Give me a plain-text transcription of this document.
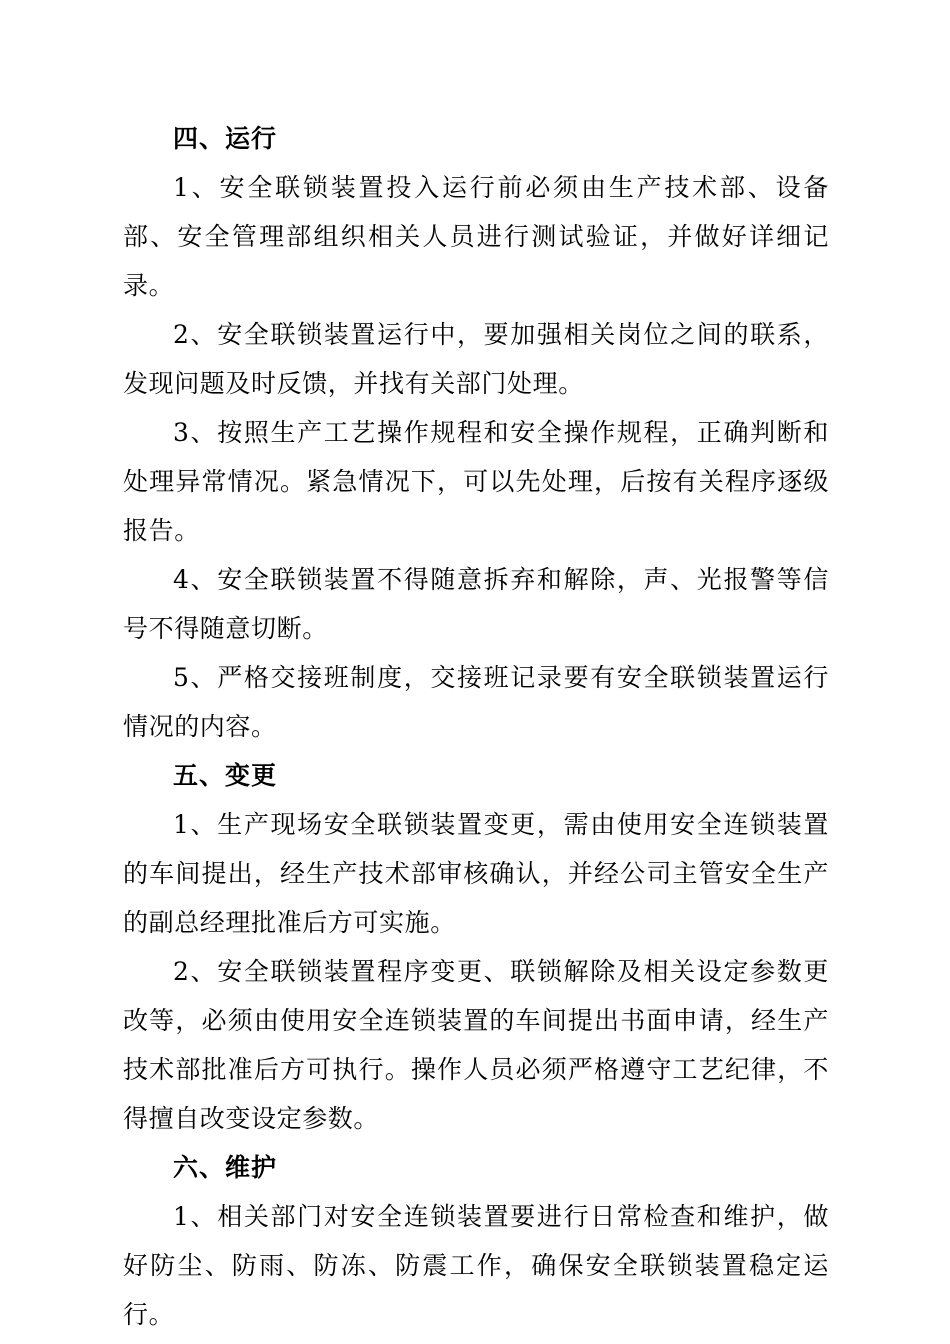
四、运行

1、安全联锁装置投入运行前必须由生产技术部、设备部、安全管理部组织相关人员进行测试验证，并做好详细记录。

2、安全联锁装置运行中，要加强相关岗位之间的联系，发现问题及时反馈，并找有关部门处理。

3、按照生产工艺操作规程和安全操作规程，正确判断和处理异常情况。紧急情况下，可以先处理，后按有关程序逐级报告。

4、安全联锁装置不得随意拆弃和解除，声、光报警等信号不得随意切断。

5、严格交接班制度，交接班记录要有安全联锁装置运行情况的内容。

五、变更

1、生产现场安全联锁装置变更，需由使用安全连锁装置的车间提出，经生产技术部审核确认，并经公司主管安全生产的副总经理批准后方可实施。

2、安全联锁装置程序变更、联锁解除及相关设定参数更改等，必须由使用安全连锁装置的车间提出书面申请，经生产技术部批准后方可执行。操作人员必须严格遵守工艺纪律，不得擅自改变设定参数。

六、维护

1、相关部门对安全连锁装置要进行日常检查和维护，做好防尘、防雨、防冻、防震工作，确保安全联锁装置稳定运行。
